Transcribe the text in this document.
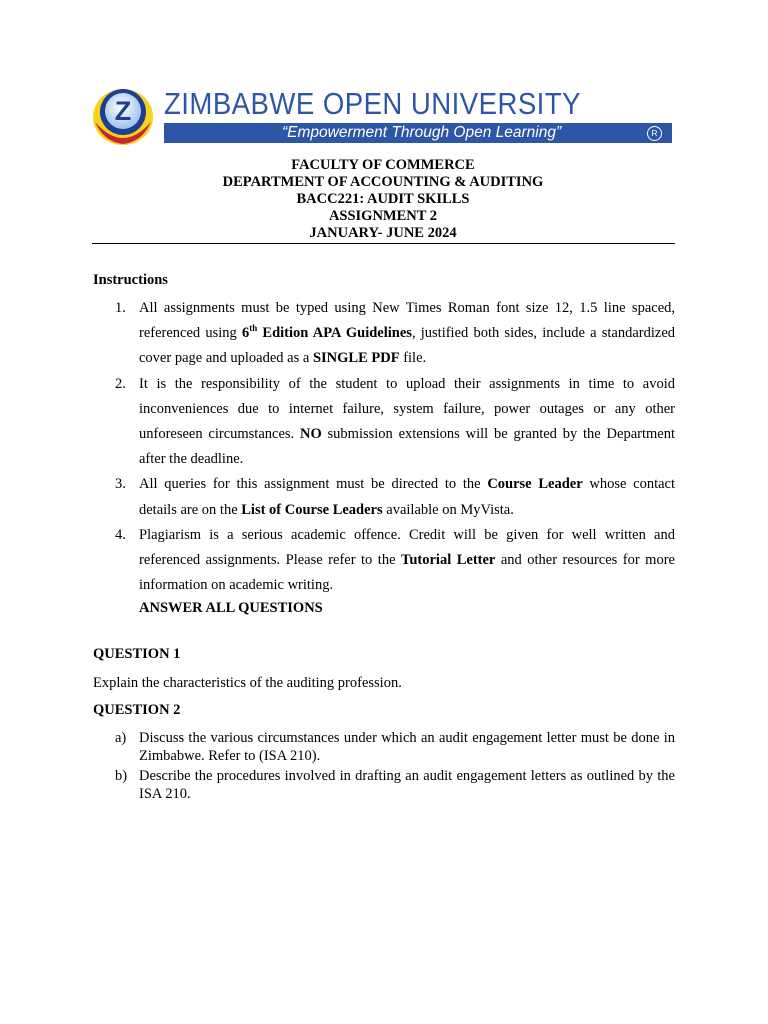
Z ZIMBABWE OPEN UNIVERSITY
“Empowerment Through Open Learning”	R
FACULTY OF COMMERCE
DEPARTMENT OF ACCOUNTING & AUDITING
BACC221: AUDIT SKILLS
ASSIGNMENT 2
JANUARY- JUNE 2024
Instructions
1. All assignments must be typed using New Times Roman font size 12, 1.5 line spaced, referenced using 6th Edition APA Guidelines, justified both sides, include a standardized cover page and uploaded as a SINGLE PDF file.
2. It is the responsibility of the student to upload their assignments in time to avoid inconveniences due to internet failure, system failure, power outages or any other unforeseen circumstances. NO submission extensions will be granted by the Department after the deadline.
3. All queries for this assignment must be directed to the Course Leader whose contact details are on the List of Course Leaders available on MyVista.
4. Plagiarism is a serious academic offence. Credit will be given for well written and referenced assignments. Please refer to the Tutorial Letter and other resources for more information on academic writing.
ANSWER ALL QUESTIONS
QUESTION 1
Explain the characteristics of the auditing profession.
QUESTION 2
a) Discuss the various circumstances under which an audit engagement letter must be done in Zimbabwe. Refer to (ISA 210).
b) Describe the procedures involved in drafting an audit engagement letters as outlined by the ISA 210.
